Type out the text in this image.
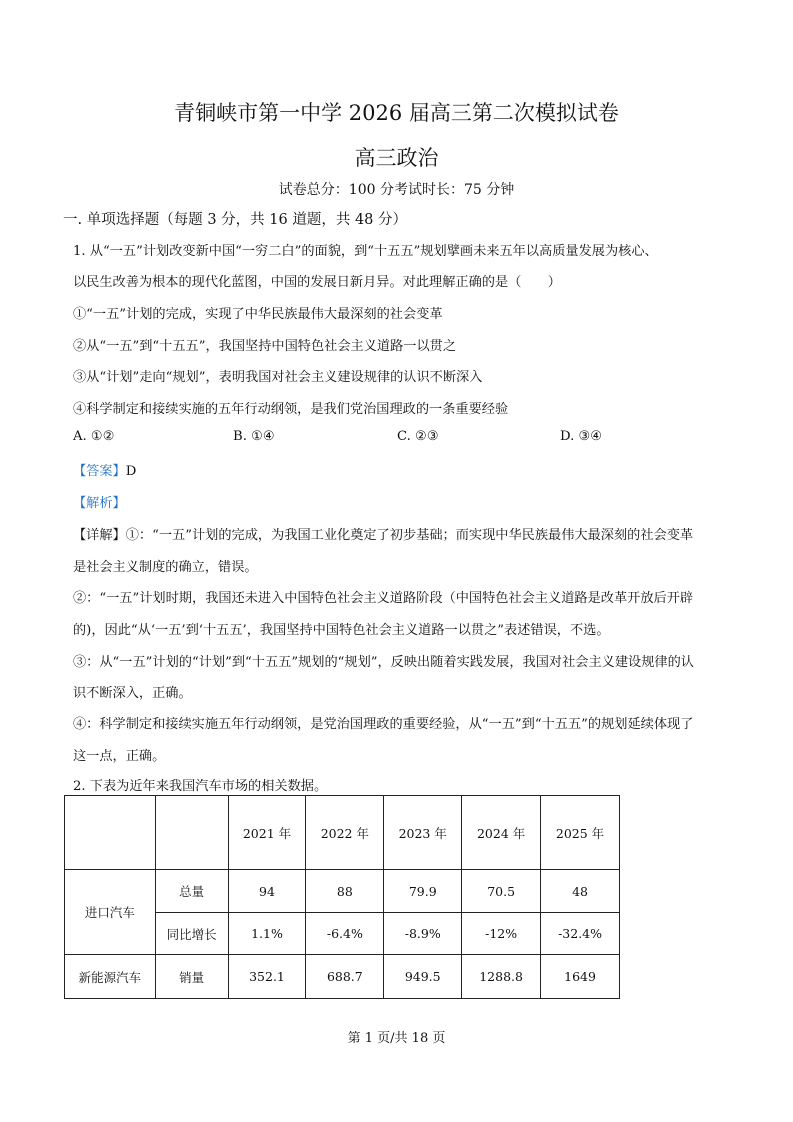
青铜峡市第一中学 2026 届高三第二次模拟试卷
高三政治
试卷总分：100 分考试时长：75 分钟
一. 单项选择题（每题 3 分，共 16 道题，共 48 分）
1. 从“一五”计划改变新中国“一穷二白”的面貌，到“十五五”规划擘画未来五年以高质量发展为核心、
以民生改善为根本的现代化蓝图，中国的发展日新月异。对此理解正确的是（　　）
①“一五”计划的完成，实现了中华民族最伟大最深刻的社会变革
②从“一五”到“十五五”，我国坚持中国特色社会主义道路一以贯之
③从“计划”走向“规划”，表明我国对社会主义建设规律的认识不断深入
④科学制定和接续实施的五年行动纲领，是我们党治国理政的一条重要经验
A. ①②	B. ①④	C. ②③	D. ③④
【答案】D
【解析】
【详解】①：“一五”计划的完成，为我国工业化奠定了初步基础；而实现中华民族最伟大最深刻的社会变革
是社会主义制度的确立，错误。
②：“一五”计划时期，我国还未进入中国特色社会主义道路阶段（中国特色社会主义道路是改革开放后开辟
的)，因此“从‘一五’到‘十五五’，我国坚持中国特色社会主义道路一以贯之”表述错误，不选。
③：从“一五”计划的“计划”到“十五五”规划的“规划”，反映出随着实践发展，我国对社会主义建设规律的认
识不断深入，正确。
④：科学制定和接续实施五年行动纲领，是党治国理政的重要经验，从“一五”到“十五五”的规划延续体现了
这一点，正确。
2. 下表为近年来我国汽车市场的相关数据。
		2021 年	2022 年	2023 年	2024 年	2025 年
进口汽车	总量	94	88	79.9	70.5	48
	同比增长	1.1%	-6.4%	-8.9%	-12%	-32.4%
新能源汽车	销量	352.1	688.7	949.5	1288.8	1649
第 1 页/共 18 页
